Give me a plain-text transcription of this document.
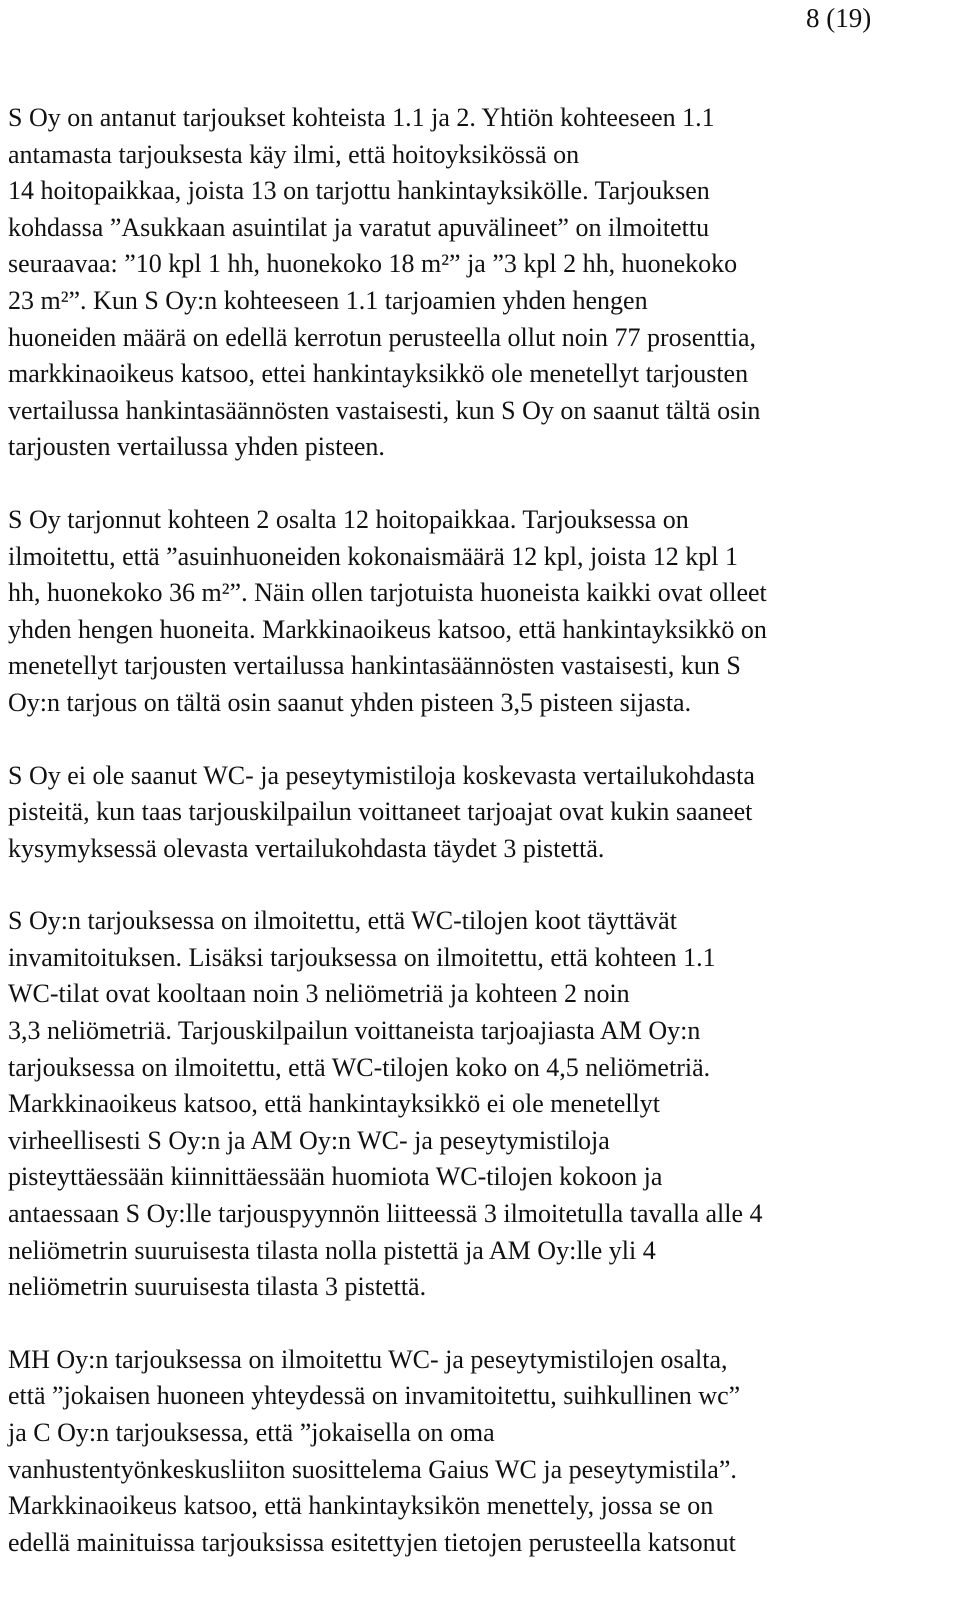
8 (19)

S Oy on antanut tarjoukset kohteista 1.1 ja 2. Yhtiön kohteeseen 1.1
antamasta tarjouksesta käy ilmi, että hoitoyksikössä on
14 hoitopaikkaa, joista 13 on tarjottu hankintayksikölle. Tarjouksen
kohdassa ”Asukkaan asuintilat ja varatut apuvälineet” on ilmoitettu
seuraavaa: ”10 kpl 1 hh, huonekoko 18 m²” ja ”3 kpl 2 hh, huonekoko
23 m²”. Kun S Oy:n kohteeseen 1.1 tarjoamien yhden hengen
huoneiden määrä on edellä kerrotun perusteella ollut noin 77 prosenttia,
markkinaoikeus katsoo, ettei hankintayksikkö ole menetellyt tarjousten
vertailussa hankintasäännösten vastaisesti, kun S Oy on saanut tältä osin
tarjousten vertailussa yhden pisteen.

S Oy tarjonnut kohteen 2 osalta 12 hoitopaikkaa. Tarjouksessa on
ilmoitettu, että ”asuinhuoneiden kokonaismäärä 12 kpl, joista 12 kpl 1
hh, huonekoko 36 m²”. Näin ollen tarjotuista huoneista kaikki ovat olleet
yhden hengen huoneita. Markkinaoikeus katsoo, että hankintayksikkö on
menetellyt tarjousten vertailussa hankintasäännösten vastaisesti, kun S
Oy:n tarjous on tältä osin saanut yhden pisteen 3,5 pisteen sijasta.

S Oy ei ole saanut WC- ja peseytymistiloja koskevasta vertailukohdasta
pisteitä, kun taas tarjouskilpailun voittaneet tarjoajat ovat kukin saaneet
kysymyksessä olevasta vertailukohdasta täydet 3 pistettä.

S Oy:n tarjouksessa on ilmoitettu, että WC-tilojen koot täyttävät
invamitoituksen. Lisäksi tarjouksessa on ilmoitettu, että kohteen 1.1
WC-tilat ovat kooltaan noin 3 neliömetriä ja kohteen 2 noin
3,3 neliömetriä. Tarjouskilpailun voittaneista tarjoajiasta AM Oy:n
tarjouksessa on ilmoitettu, että WC-tilojen koko on 4,5 neliömetriä.
Markkinaoikeus katsoo, että hankintayksikkö ei ole menetellyt
virheellisesti S Oy:n ja AM Oy:n WC- ja peseytymistiloja
pisteyttäessään kiinnittäessään huomiota WC-tilojen kokoon ja
antaessaan S Oy:lle tarjouspyynnön liitteessä 3 ilmoitetulla tavalla alle 4
neliömetrin suuruisesta tilasta nolla pistettä ja AM Oy:lle yli 4
neliömetrin suuruisesta tilasta 3 pistettä.

MH Oy:n tarjouksessa on ilmoitettu WC- ja peseytymistilojen osalta,
että ”jokaisen huoneen yhteydessä on invamitoitettu, suihkullinen wc”
ja C Oy:n tarjouksessa, että ”jokaisella on oma
vanhustentyönkeskusliiton suosittelema Gaius WC ja peseytymistila”.
Markkinaoikeus katsoo, että hankintayksikön menettely, jossa se on
edellä mainituissa tarjouksissa esitettyjen tietojen perusteella katsonut
